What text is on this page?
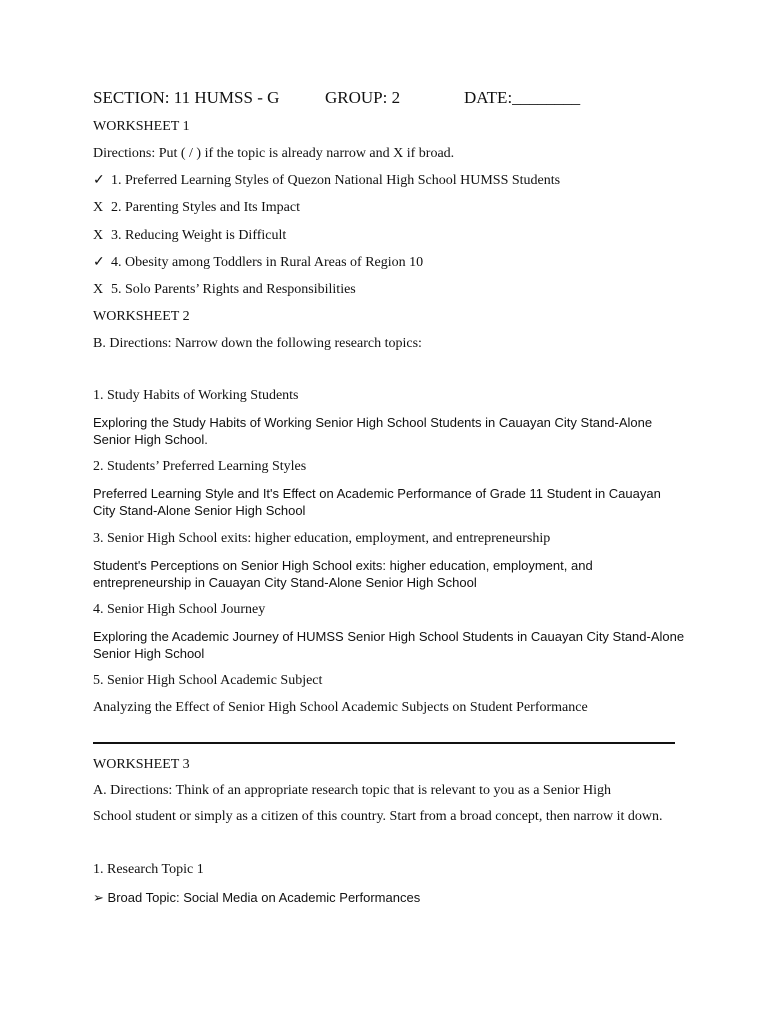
SECTION: 11 HUMSS - G	GROUP: 2	DATE:________
WORKSHEET 1
Directions: Put ( / ) if the topic is already narrow and X if broad.
✓ 1. Preferred Learning Styles of Quezon National High School HUMSS Students
X 2. Parenting Styles and Its Impact
X 3. Reducing Weight is Difficult
✓ 4. Obesity among Toddlers in Rural Areas of Region 10
X 5. Solo Parents’ Rights and Responsibilities
WORKSHEET 2
B. Directions: Narrow down the following research topics:
1. Study Habits of Working Students
Exploring the Study Habits of Working Senior High School Students in Cauayan City Stand-Alone
Senior High School.
2. Students’ Preferred Learning Styles
Preferred Learning Style and It's Effect on Academic Performance of Grade 11 Student in Cauayan
City Stand-Alone Senior High School
3. Senior High School exits: higher education, employment, and entrepreneurship
Student's Perceptions on Senior High School exits: higher education, employment, and
entrepreneurship in Cauayan City Stand-Alone Senior High School
4. Senior High School Journey
Exploring the Academic Journey of HUMSS Senior High School Students in Cauayan City Stand-Alone
Senior High School
5. Senior High School Academic Subject
Analyzing the Effect of Senior High School Academic Subjects on Student Performance
WORKSHEET 3
A. Directions: Think of an appropriate research topic that is relevant to you as a Senior High
School student or simply as a citizen of this country. Start from a broad concept, then narrow it down.
1. Research Topic 1
➢ Broad Topic: Social Media on Academic Performances
